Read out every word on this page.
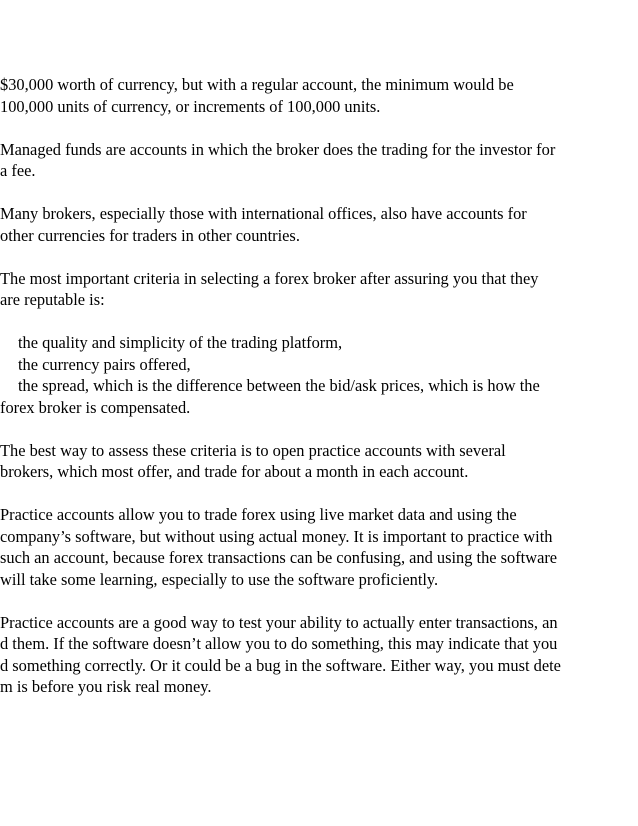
$30,000 worth of currency, but with a regular account, the minimum would be
100,000 units of currency, or increments of 100,000 units.

Managed funds are accounts in which the broker does the trading for the investor for
a fee.

Many brokers, especially those with international offices, also have accounts for
other currencies for traders in other countries.

The most important criteria in selecting a forex broker after assuring you that they
are reputable is:

the quality and simplicity of the trading platform,
the currency pairs offered,
the spread, which is the difference between the bid/ask prices, which is how the
forex broker is compensated.

The best way to assess these criteria is to open practice accounts with several
brokers, which most offer, and trade for about a month in each account.

Practice accounts allow you to trade forex using live market data and using the
company’s software, but without using actual money. It is important to practice with
such an account, because forex transactions can be confusing, and using the software
will take some learning, especially to use the software proficiently.

Practice accounts are a good way to test your ability to actually enter transactions, an
d them. If the software doesn’t allow you to do something, this may indicate that you
d something correctly. Or it could be a bug in the software. Either way, you must dete
m is before you risk real money.
